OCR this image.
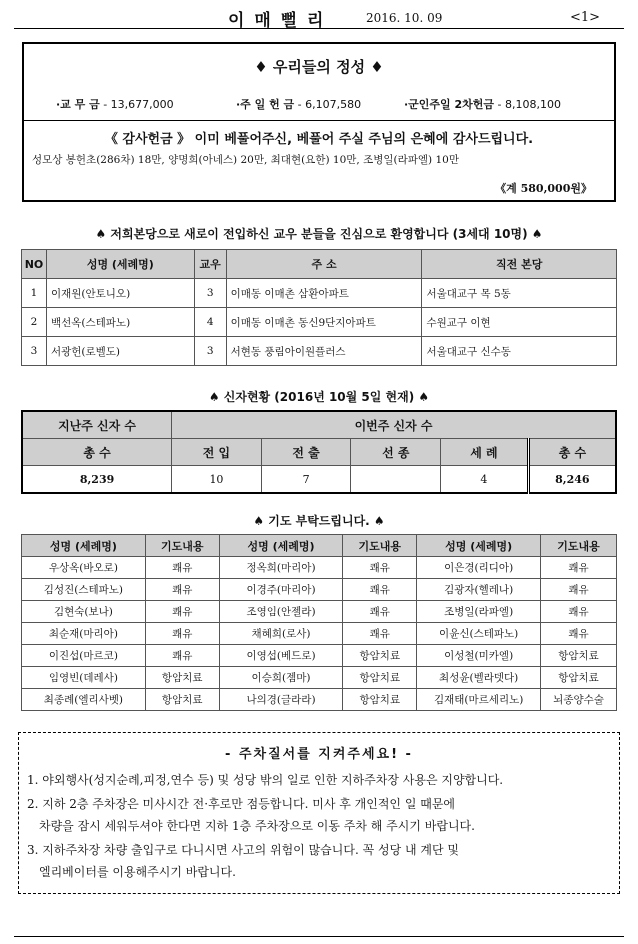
이 매 뻘 리	2016. 10. 09	<1>
♦ 우리들의 정성 ♦
·교 무 금 - 13,677,000	·주 일 헌 금 - 6,107,580	·군인주일 2차헌금 - 8,108,100
《 감사헌금 》 이미 베풀어주신, 베풀어 주실 주님의 은혜에 감사드립니다.
성모상 봉헌초(286차) 18만, 양명희(아네스) 20만, 최대현(요한) 10만, 조병일(라파엘) 10만
《계 580,000원》
♠ 저희본당으로 새로이 전입하신 교우 분들을 진심으로 환영합니다 (3세대 10명) ♠
NO	성명 (세례명)	교우	주 소	직전 본당
1	이재원(안토니오)	3	이매동 이매촌 삼환아파트	서울대교구 목 5동
2	백선옥(스테파노)	4	이매동 이매촌 동신9단지아파트	수원교구 이현
3	서광헌(로벨도)	3	서현동 풍림아이원플러스	서울대교구 신수동
♠ 신자현황 (2016년 10월 5일 현재) ♠
지난주 신자 수	이번주 신자 수				
총 수	전 입	전 출	선 종	세 례	총 수
8,239	10	7		4	8,246
♠ 기도 부탁드립니다. ♠
성명 (세례명)	기도내용	성명 (세례명)	기도내용	성명 (세례명)	기도내용
우상옥(바오로)	쾌유	정옥희(마리아)	쾌유	이은경(리디아)	쾌유
김성진(스테파노)	쾌유	이경주(마리아)	쾌유	김광자(헬레나)	쾌유
김현숙(보나)	쾌유	조영임(안젤라)	쾌유	조병일(라파엘)	쾌유
최순재(마리아)	쾌유	채혜희(로사)	쾌유	이윤신(스테파노)	쾌유
이진섭(마르코)	쾌유	이영섭(베드로)	항암치료	이성철(미카엘)	항암치료
임영빈(데레사)	항암치료	이승희(젬마)	항암치료	최성윤(벨라뎃다)	항암치료
최종례(엘리사벳)	항암치료	나의경(글라라)	항암치료	김재태(마르세리노)	뇌종양수술
- 주차질서를 지켜주세요! -
1. 야외행사(성지순례,피정,연수 등) 및 성당 밖의 일로 인한 지하주차장 사용은 지양합니다.
2. 지하 2층 주차장은 미사시간 전·후로만 점등합니다. 미사 후 개인적인 일 때문에
차량을 잠시 세워두셔야 한다면 지하 1층 주차장으로 이동 주차 해 주시기 바랍니다.
3. 지하주차장 차량 출입구로 다니시면 사고의 위험이 많습니다. 꼭 성당 내 계단 및
엘리베이터를 이용해주시기 바랍니다.
